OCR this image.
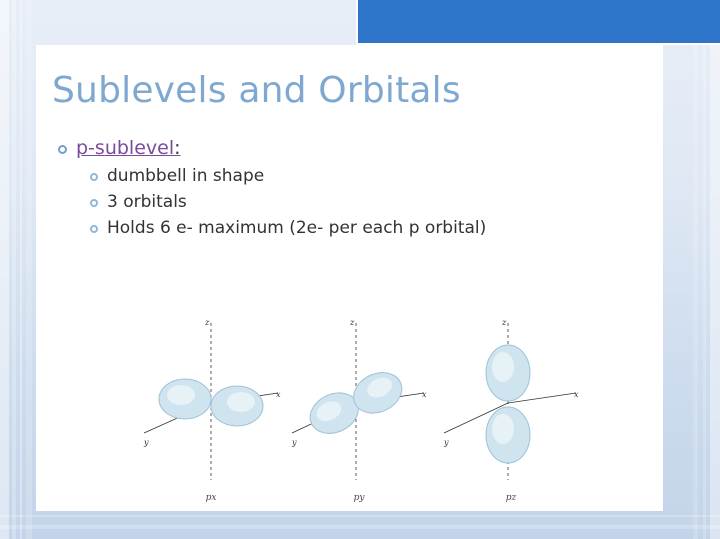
Sublevels and Orbitals
p-sublevel:
dumbbell in shape
3 orbitals
Holds 6 e- maximum (2e- per each p orbital)
z
x
y
px
z
x
y
py
z
x
y
pz
